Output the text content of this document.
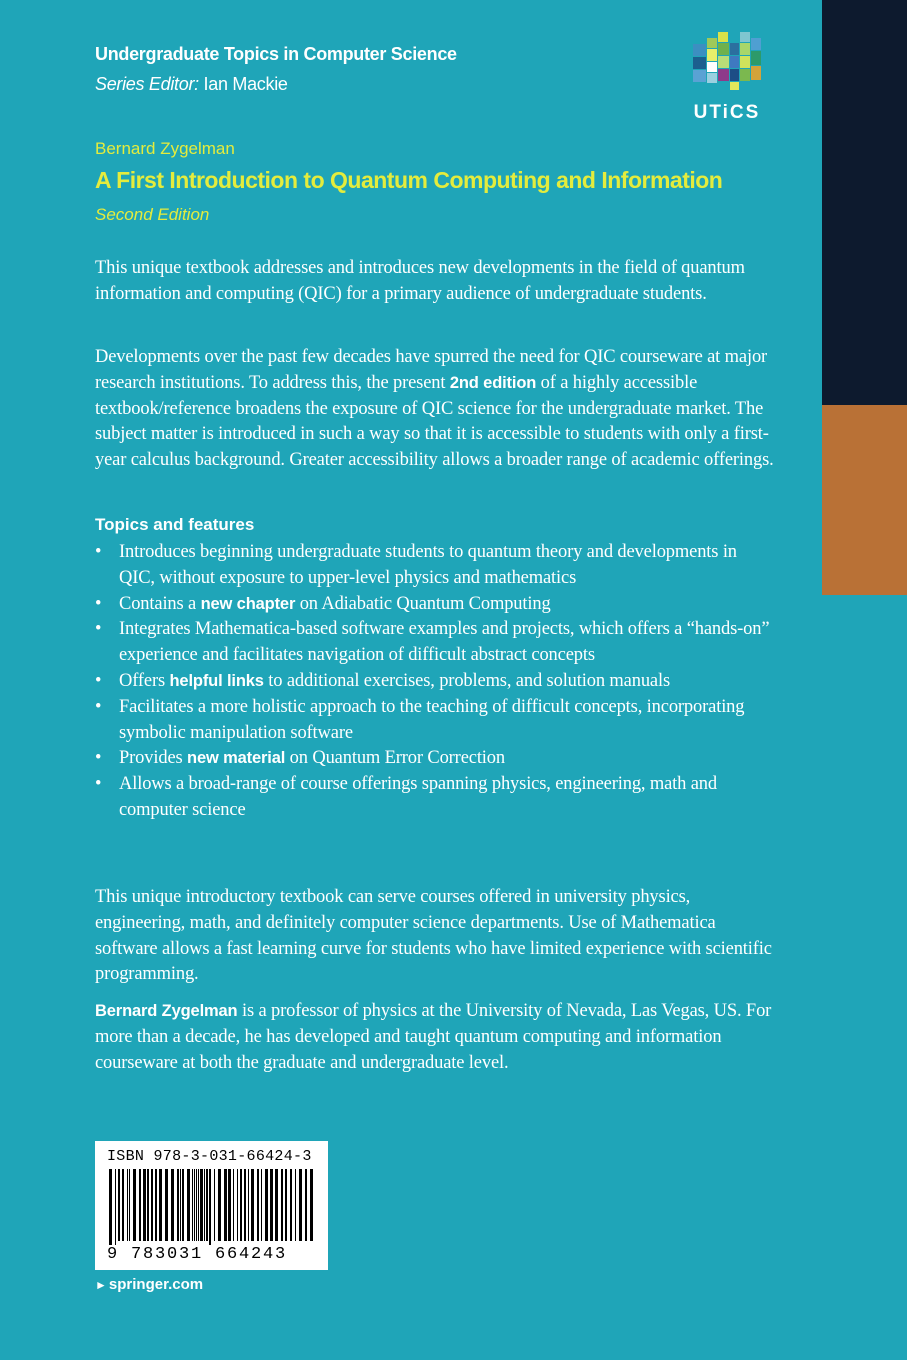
Undergraduate Topics in Computer Science
Series Editor: Ian Mackie
UTiCS
Bernard Zygelman
A First Introduction to Quantum Computing and Information
Second Edition

This unique textbook addresses and introduces new developments in the field of quantum information and computing (QIC) for a primary audience of undergraduate students.

Developments over the past few decades have spurred the need for QIC courseware at major research institutions. To address this, the present 2nd edition of a highly accessible textbook/reference broadens the exposure of QIC science for the undergraduate market. The subject matter is introduced in such a way so that it is accessible to students with only a first-year calculus background. Greater accessibility allows a broader range of academic offerings.

Topics and features
• Introduces beginning undergraduate students to quantum theory and developments in QIC, without exposure to upper-level physics and mathematics
• Contains a new chapter on Adiabatic Quantum Computing
• Integrates Mathematica-based software examples and projects, which offers a “hands-on” experience and facilitates navigation of difficult abstract concepts
• Offers helpful links to additional exercises, problems, and solution manuals
• Facilitates a more holistic approach to the teaching of difficult concepts, incorporating symbolic manipulation software
• Provides new material on Quantum Error Correction
• Allows a broad-range of course offerings spanning physics, engineering, math and computer science

This unique introductory textbook can serve courses offered in university physics, engineering, math, and definitely computer science departments. Use of Mathematica software allows a fast learning curve for students who have limited experience with scientific programming.

Bernard Zygelman is a professor of physics at the University of Nevada, Las Vegas, US. For more than a decade, he has developed and taught quantum computing and information courseware at both the graduate and undergraduate level.

ISBN 978-3-031-66424-3
9 783031 664243
► springer.com
